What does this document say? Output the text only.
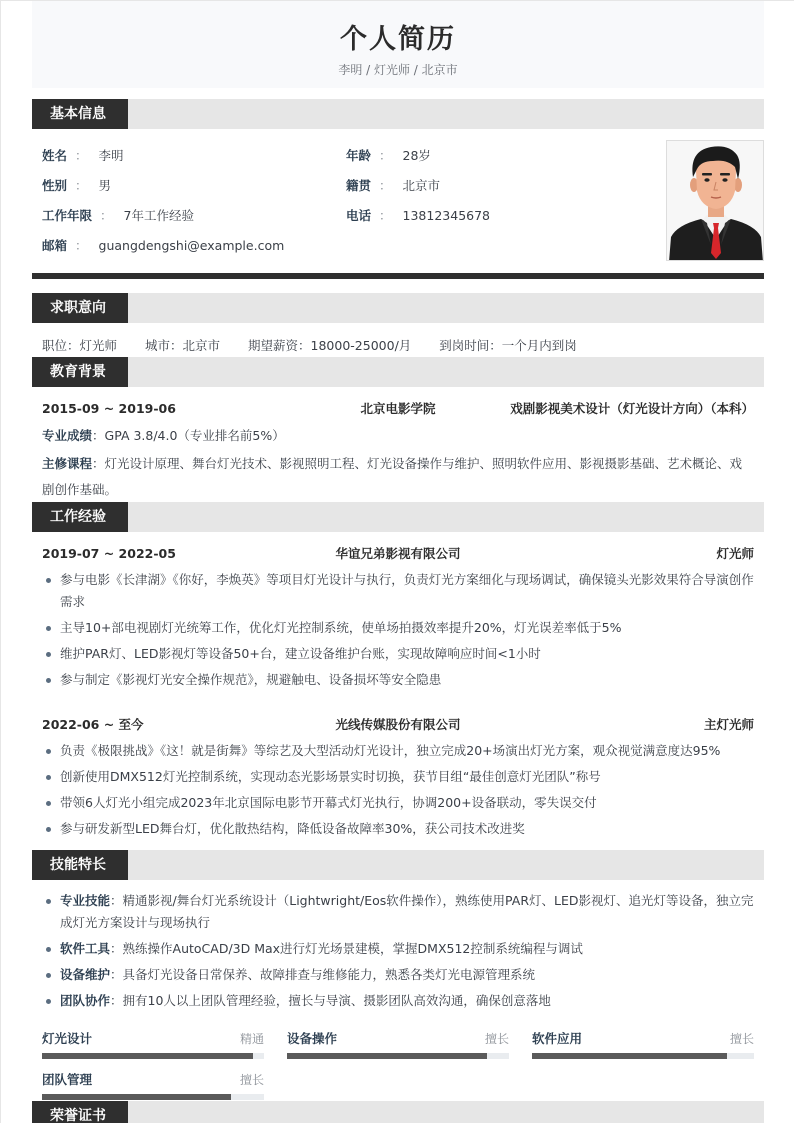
个人简历
李明 / 灯光师 / 北京市
基本信息
姓名 ： 李明
性别 ： 男
工作年限 ： 7年工作经验
邮箱 ： guangdengshi@example.com
年龄 ： 28岁
籍贯 ： 北京市
电话 ： 13812345678
求职意向
职位：灯光师 城市：北京市 期望薪资：18000-25000/月 到岗时间：一个月内到岗
教育背景
2015-09 ~ 2019-06	北京电影学院	戏剧影视美术设计（灯光设计方向）（本科）
专业成绩：GPA 3.8/4.0（专业排名前5%）
主修课程：灯光设计原理、舞台灯光技术、影视照明工程、灯光设备操作与维护、照明软件应用、影视摄影基础、艺术概论、戏剧创作基础。
工作经验
2019-07 ~ 2022-05	华谊兄弟影视有限公司	灯光师
参与电影《长津湖》《你好，李焕英》等项目灯光设计与执行，负责灯光方案细化与现场调试，确保镜头光影效果符合导演创作需求
主导10+部电视剧灯光统筹工作，优化灯光控制系统，使单场拍摄效率提升20%，灯光误差率低于5%
维护PAR灯、LED影视灯等设备50+台，建立设备维护台账，实现故障响应时间<1小时
参与制定《影视灯光安全操作规范》，规避触电、设备损坏等安全隐患
2022-06 ~ 至今	光线传媒股份有限公司	主灯光师
负责《极限挑战》《这！就是街舞》等综艺及大型活动灯光设计，独立完成20+场演出灯光方案，观众视觉满意度达95%
创新使用DMX512灯光控制系统，实现动态光影场景实时切换，获节目组“最佳创意灯光团队”称号
带领6人灯光小组完成2023年北京国际电影节开幕式灯光执行，协调200+设备联动，零失误交付
参与研发新型LED舞台灯，优化散热结构，降低设备故障率30%，获公司技术改进奖
技能特长
专业技能：精通影视/舞台灯光系统设计（Lightwright/Eos软件操作），熟练使用PAR灯、LED影视灯、追光灯等设备，独立完成灯光方案设计与现场执行
软件工具：熟练操作AutoCAD/3D Max进行灯光场景建模，掌握DMX512控制系统编程与调试
设备维护：具备灯光设备日常保养、故障排查与维修能力，熟悉各类灯光电源管理系统
团队协作：拥有10人以上团队管理经验，擅长与导演、摄影团队高效沟通，确保创意落地
灯光设计	精通 设备操作	擅长 软件应用	擅长
团队管理	擅长
荣誉证书
